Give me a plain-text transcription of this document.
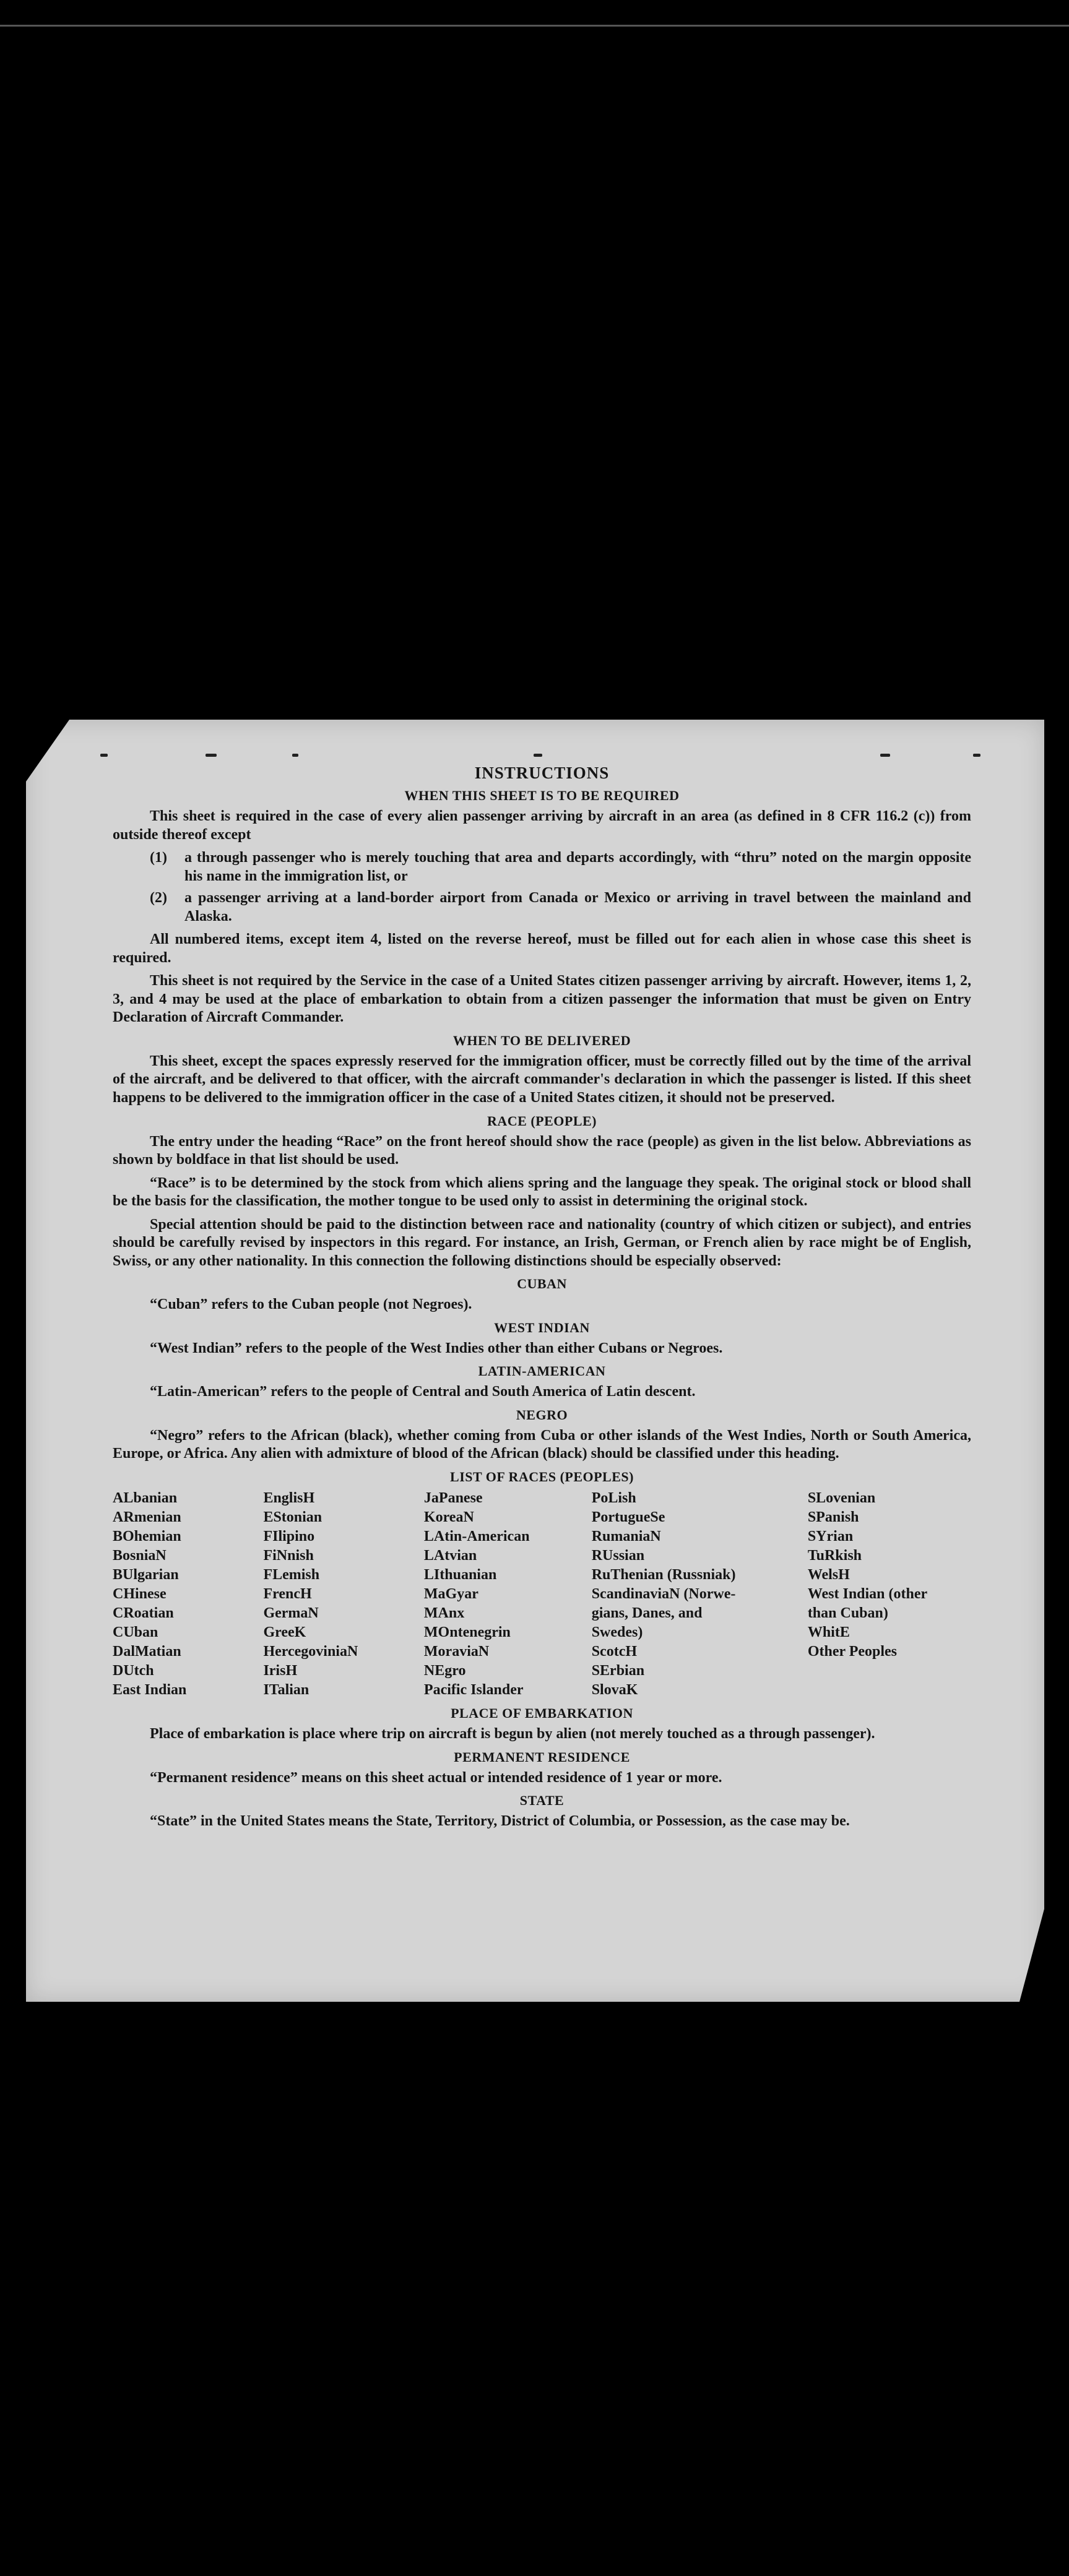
INSTRUCTIONS
WHEN THIS SHEET IS TO BE REQUIRED

This sheet is required in the case of every alien passenger arriving by aircraft in an area (as defined in 8 CFR 116.2 (c)) from outside thereof except

(1)	a through passenger who is merely touching that area and departs accordingly, with “thru” noted on the margin opposite his name in the immigration list, or
(2)	a passenger arriving at a land-border airport from Canada or Mexico or arriving in travel between the mainland and Alaska.

All numbered items, except item 4, listed on the reverse hereof, must be filled out for each alien in whose case this sheet is required.

This sheet is not required by the Service in the case of a United States citizen passenger arriving by aircraft. However, items 1, 2, 3, and 4 may be used at the place of embarkation to obtain from a citizen passenger the information that must be given on Entry Declaration of Aircraft Commander.

WHEN TO BE DELIVERED

This sheet, except the spaces expressly reserved for the immigration officer, must be correctly filled out by the time of the arrival of the aircraft, and be delivered to that officer, with the aircraft commander's declaration in which the passenger is listed. If this sheet happens to be delivered to the immigration officer in the case of a United States citizen, it should not be preserved.

RACE (PEOPLE)

The entry under the heading “Race” on the front hereof should show the race (people) as given in the list below. Abbreviations as shown by boldface in that list should be used.

“Race” is to be determined by the stock from which aliens spring and the language they speak. The original stock or blood shall be the basis for the classification, the mother tongue to be used only to assist in determining the original stock.

Special attention should be paid to the distinction between race and nationality (country of which citizen or subject), and entries should be carefully revised by inspectors in this regard. For instance, an Irish, German, or French alien by race might be of English, Swiss, or any other nationality. In this connection the following distinctions should be especially observed:

CUBAN

“Cuban” refers to the Cuban people (not Negroes).

WEST INDIAN

“West Indian” refers to the people of the West Indies other than either Cubans or Negroes.

LATIN-AMERICAN

“Latin-American” refers to the people of Central and South America of Latin descent.

NEGRO

“Negro” refers to the African (black), whether coming from Cuba or other islands of the West Indies, North or South America, Europe, or Africa. Any alien with admixture of blood of the African (black) should be classified under this heading.

LIST OF RACES (PEOPLES)
ALbanian
ARmenian
BOhemian
BosniaN
BUlgarian
CHinese
CRoatian
CUban
DalMatian
DUtch
East Indian
EnglisH
EStonian
FIlipino
FiNnish
FLemish
FrencH
GermaN
GreeK
HercegoviniaN
IrisH
ITalian
JaPanese
KoreaN
LAtin-American
LAtvian
LIthuanian
MaGyar
MAnx
MOntenegrin
MoraviaN
NEgro
Pacific Islander
PoLish
PortugueSe
RumaniaN
RUssian
RuThenian (Russniak)
ScandinaviaN (Norwe-
gians, Danes, and
Swedes)
ScotcH
SErbian
SlovaK
SLovenian
SPanish
SYrian
TuRkish
WelsH
West Indian (other
than Cuban)
WhitE
Other Peoples
PLACE OF EMBARKATION

Place of embarkation is place where trip on aircraft is begun by alien (not merely touched as a through passenger).

PERMANENT RESIDENCE

“Permanent residence” means on this sheet actual or intended residence of 1 year or more.

STATE

“State” in the United States means the State, Territory, District of Columbia, or Possession, as the case may be.
